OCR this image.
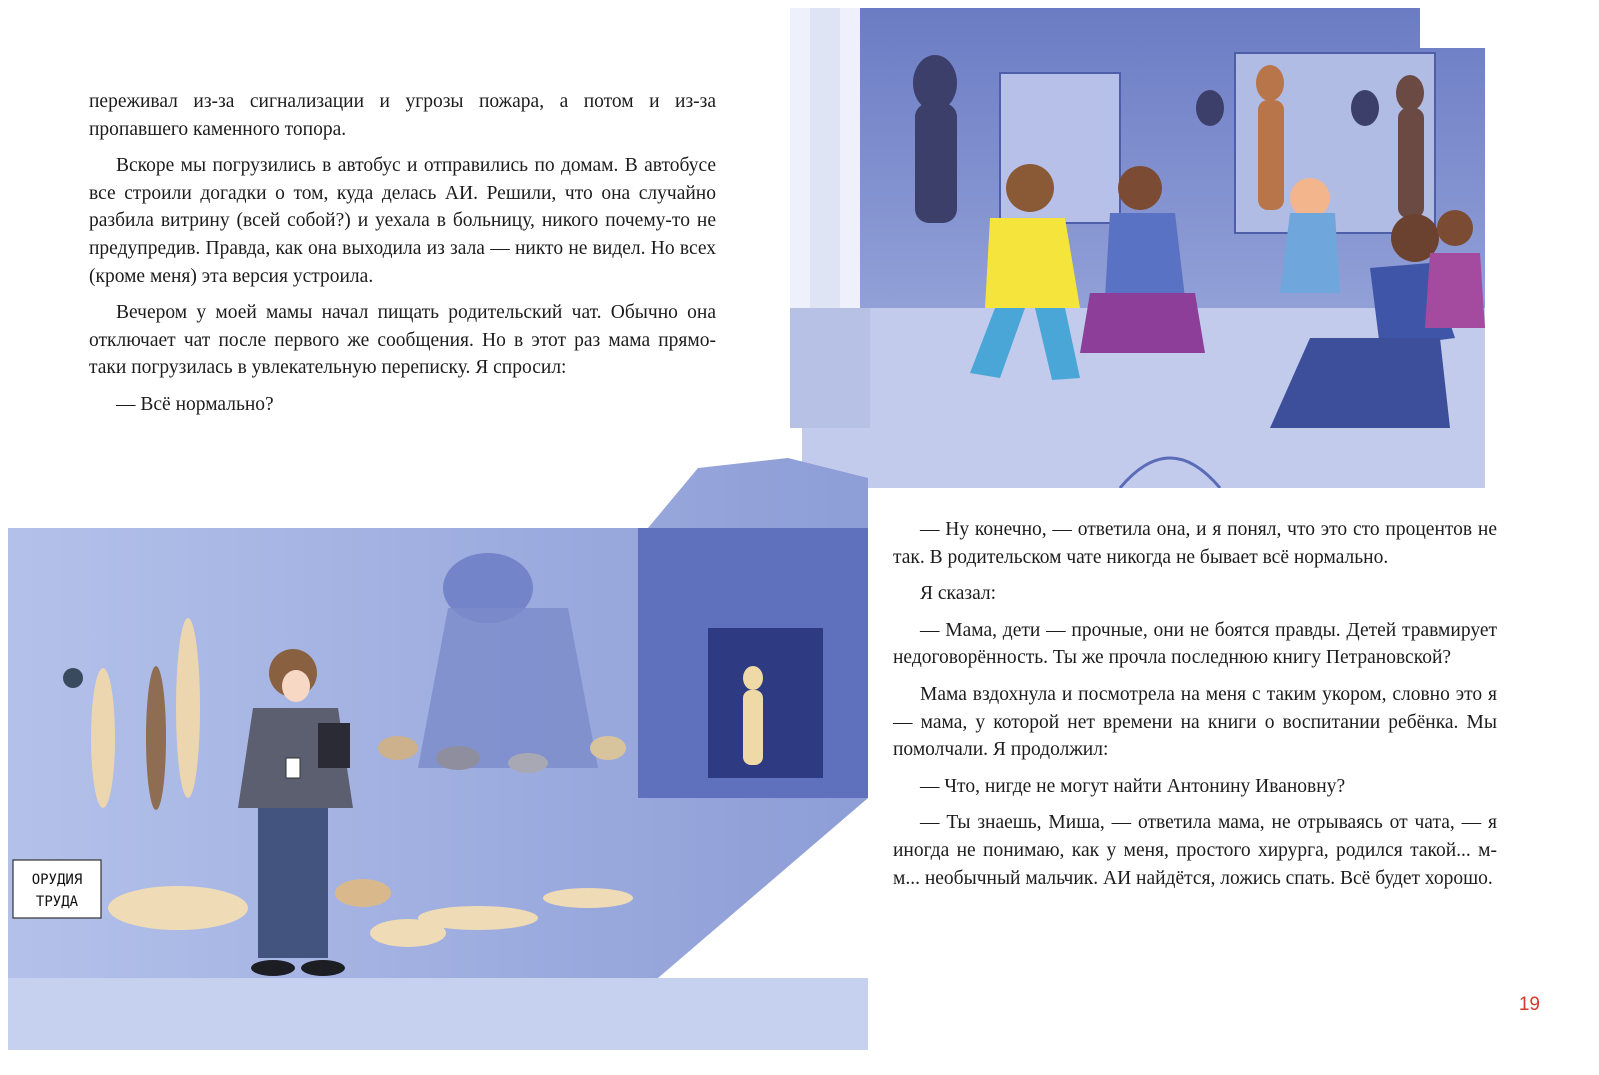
переживал из-за сигнализации и угрозы пожара, а потом и из-за пропавшего каменного топора.

Вскоре мы погрузились в автобус и отправились по домам. В автобусе все строили догадки о том, куда делась АИ. Решили, что она случайно разбила витрину (всей собой?) и уехала в больницу, никого почему-то не предупредив. Правда, как она выходила из зала — никто не видел. Но всех (кроме меня) эта версия устроила.

Вечером у моей мамы начал пищать родительский чат. Обычно она отключает чат после первого же сообщения. Но в этот раз мама прямо-таки погрузилась в увлекательную переписку. Я спросил:

— Всё нормально?

ОРУДИЯ
ТРУДА

— Ну конечно, — ответила она, и я понял, что это сто процентов не так. В родительском чате никогда не бывает всё нормально.

Я сказал:

— Мама, дети — прочные, они не боятся правды. Детей травмирует недоговорённость. Ты же прочла последнюю книгу Петрановской?

Мама вздохнула и посмотрела на меня с таким укором, словно это я — мама, у которой нет времени на книги о воспитании ребёнка. Мы помолчали. Я продолжил:

— Что, нигде не могут найти Антонину Ивановну?

— Ты знаешь, Миша, — ответила мама, не отрываясь от чата, — я иногда не понимаю, как у меня, простого хирурга, родился такой... м-м... необычный мальчик. АИ найдётся, ложись спать. Всё будет хорошо.

19
